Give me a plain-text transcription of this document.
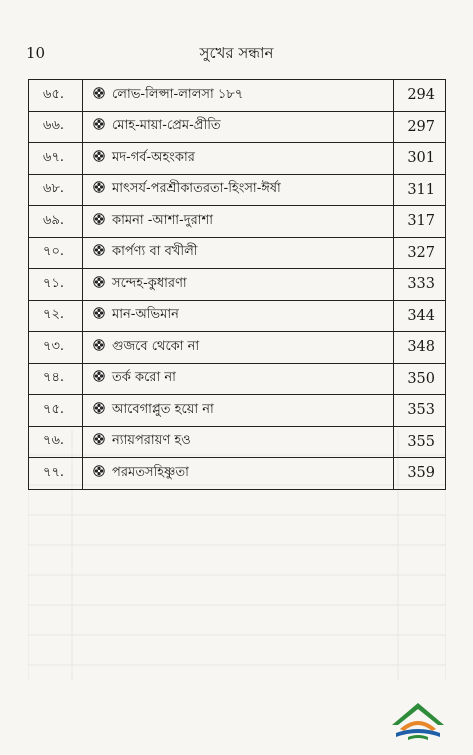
10	সুখের সন্ধান
৬৫.	লোভ-লিপ্সা-লালসা ১৮৭	294
৬৬.	মোহ-মায়া-প্রেম-প্রীতি	297
৬৭.	মদ-গর্ব-অহংকার	301
৬৮.	মাৎসর্য-পরশ্রীকাতরতা-হিংসা-ঈর্ষা	311
৬৯.	কামনা -আশা-দুরাশা	317
৭০.	কার্পণ্য বা বখীলী	327
৭১.	সন্দেহ-কুধারণা	333
৭২.	মান-অভিমান	344
৭৩.	গুজবে থেকো না	348
৭৪.	তর্ক করো না	350
৭৫.	আবেগাপ্লুত হয়ো না	353
৭৬.	ন্যায়পরায়ণ হও	355
৭৭.	পরমতসহিষ্ণুতা	359
